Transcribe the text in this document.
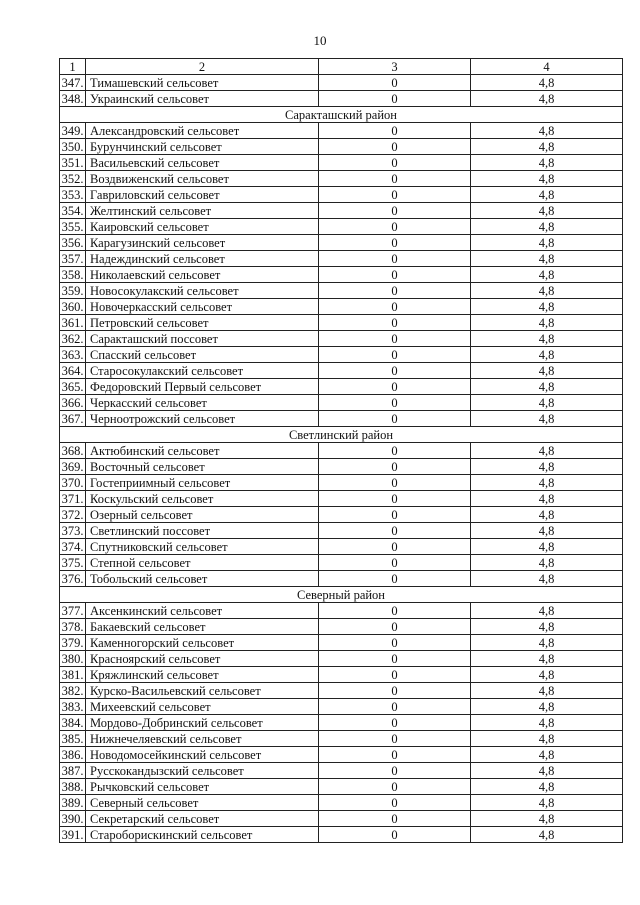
10
1	2	3	4
347.	Тимашевский сельсовет	0	4,8
348.	Украинский сельсовет	0	4,8
Саракташский район			
349.	Александровский сельсовет	0	4,8
350.	Бурунчинский сельсовет	0	4,8
351.	Васильевский сельсовет	0	4,8
352.	Воздвиженский сельсовет	0	4,8
353.	Гавриловский сельсовет	0	4,8
354.	Желтинский сельсовет	0	4,8
355.	Каировский сельсовет	0	4,8
356.	Карагузинский сельсовет	0	4,8
357.	Надеждинский сельсовет	0	4,8
358.	Николаевский сельсовет	0	4,8
359.	Новосокулакский сельсовет	0	4,8
360.	Новочеркасский сельсовет	0	4,8
361.	Петровский сельсовет	0	4,8
362.	Саракташский поссовет	0	4,8
363.	Спасский сельсовет	0	4,8
364.	Старосокулакский сельсовет	0	4,8
365.	Федоровский Первый сельсовет	0	4,8
366.	Черкасский сельсовет	0	4,8
367.	Черноотрожский сельсовет	0	4,8
Светлинский район			
368.	Актюбинский сельсовет	0	4,8
369.	Восточный сельсовет	0	4,8
370.	Гостеприимный сельсовет	0	4,8
371.	Коскульский сельсовет	0	4,8
372.	Озерный сельсовет	0	4,8
373.	Светлинский поссовет	0	4,8
374.	Спутниковский сельсовет	0	4,8
375.	Степной сельсовет	0	4,8
376.	Тобольский сельсовет	0	4,8
Северный район			
377.	Аксенкинский сельсовет	0	4,8
378.	Бакаевский сельсовет	0	4,8
379.	Каменногорский сельсовет	0	4,8
380.	Красноярский сельсовет	0	4,8
381.	Кряжлинский сельсовет	0	4,8
382.	Курско-Васильевский сельсовет	0	4,8
383.	Михеевский сельсовет	0	4,8
384.	Мордово-Добринский сельсовет	0	4,8
385.	Нижнечеляевский сельсовет	0	4,8
386.	Новодомосейкинский сельсовет	0	4,8
387.	Русскокандызский сельсовет	0	4,8
388.	Рычковский сельсовет	0	4,8
389.	Северный сельсовет	0	4,8
390.	Секретарский сельсовет	0	4,8
391.	Староборискинский сельсовет	0	4,8
